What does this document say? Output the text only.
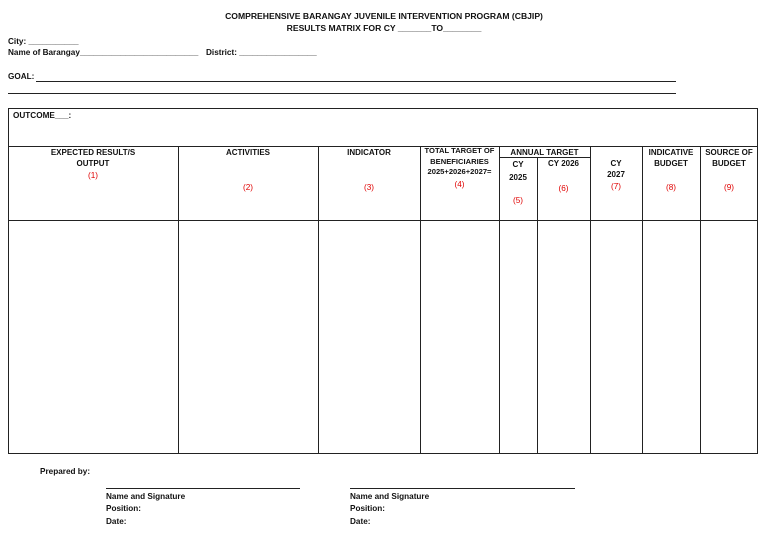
COMPREHENSIVE BARANGAY JUVENILE INTERVENTION PROGRAM (CBJIP)
RESULTS MATRIX FOR CY _______TO________
City: ___________
Name of Barangay__________________________ District: _________________
GOAL:
OUTCOME___:
EXPECTED RESULT/S
OUTPUT
(1)
ACTIVITIES
(2)
INDICATOR
(3)
TOTAL TARGET OF
BENEFICIARIES
2025+2026+2027=
(4)
ANNUAL TARGET
CY
2025
(5)
CY 2026
(6)
CY
2027
(7)
INDICATIVE
BUDGET
(8)
SOURCE OF
BUDGET
(9)
Prepared by:
Name and Signature
Position:
Date:
Name and Signature
Position:
Date:
